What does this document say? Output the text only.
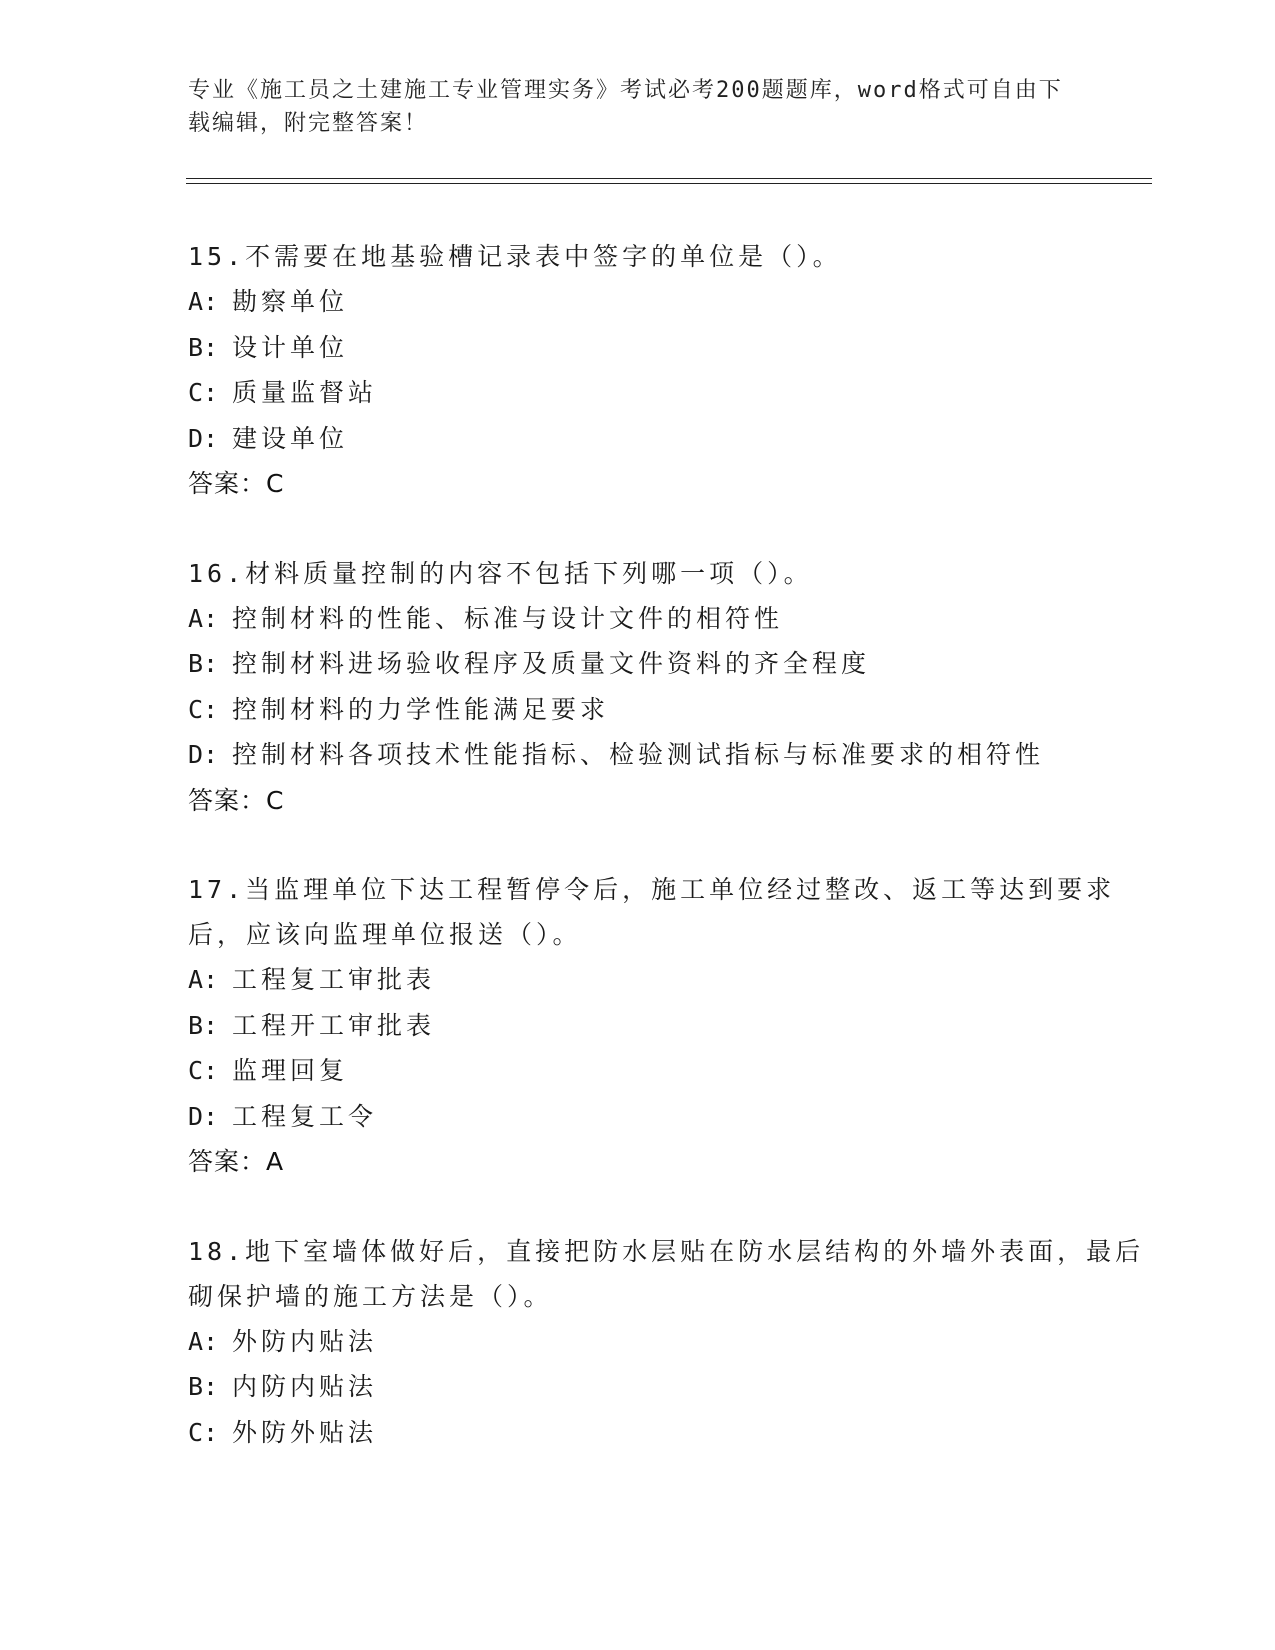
专业《施工员之土建施工专业管理实务》考试必考200题题库，word格式可自由下载编辑，附完整答案！

15.不需要在地基验槽记录表中签字的单位是（）。

A: 勘察单位
B: 设计单位
C: 质量监督站
D: 建设单位
答案：C

16.材料质量控制的内容不包括下列哪一项（）。

A: 控制材料的性能、标准与设计文件的相符性
B: 控制材料进场验收程序及质量文件资料的齐全程度
C: 控制材料的力学性能满足要求
D: 控制材料各项技术性能指标、检验测试指标与标准要求的相符性
答案：C

17.当监理单位下达工程暂停令后，施工单位经过整改、返工等达到要求后，应该向监理单位报送（）。

A: 工程复工审批表
B: 工程开工审批表
C: 监理回复
D: 工程复工令
答案：A

18.地下室墙体做好后，直接把防水层贴在防水层结构的外墙外表面，最后砌保护墙的施工方法是（）。

A: 外防内贴法
B: 内防内贴法
C: 外防外贴法
